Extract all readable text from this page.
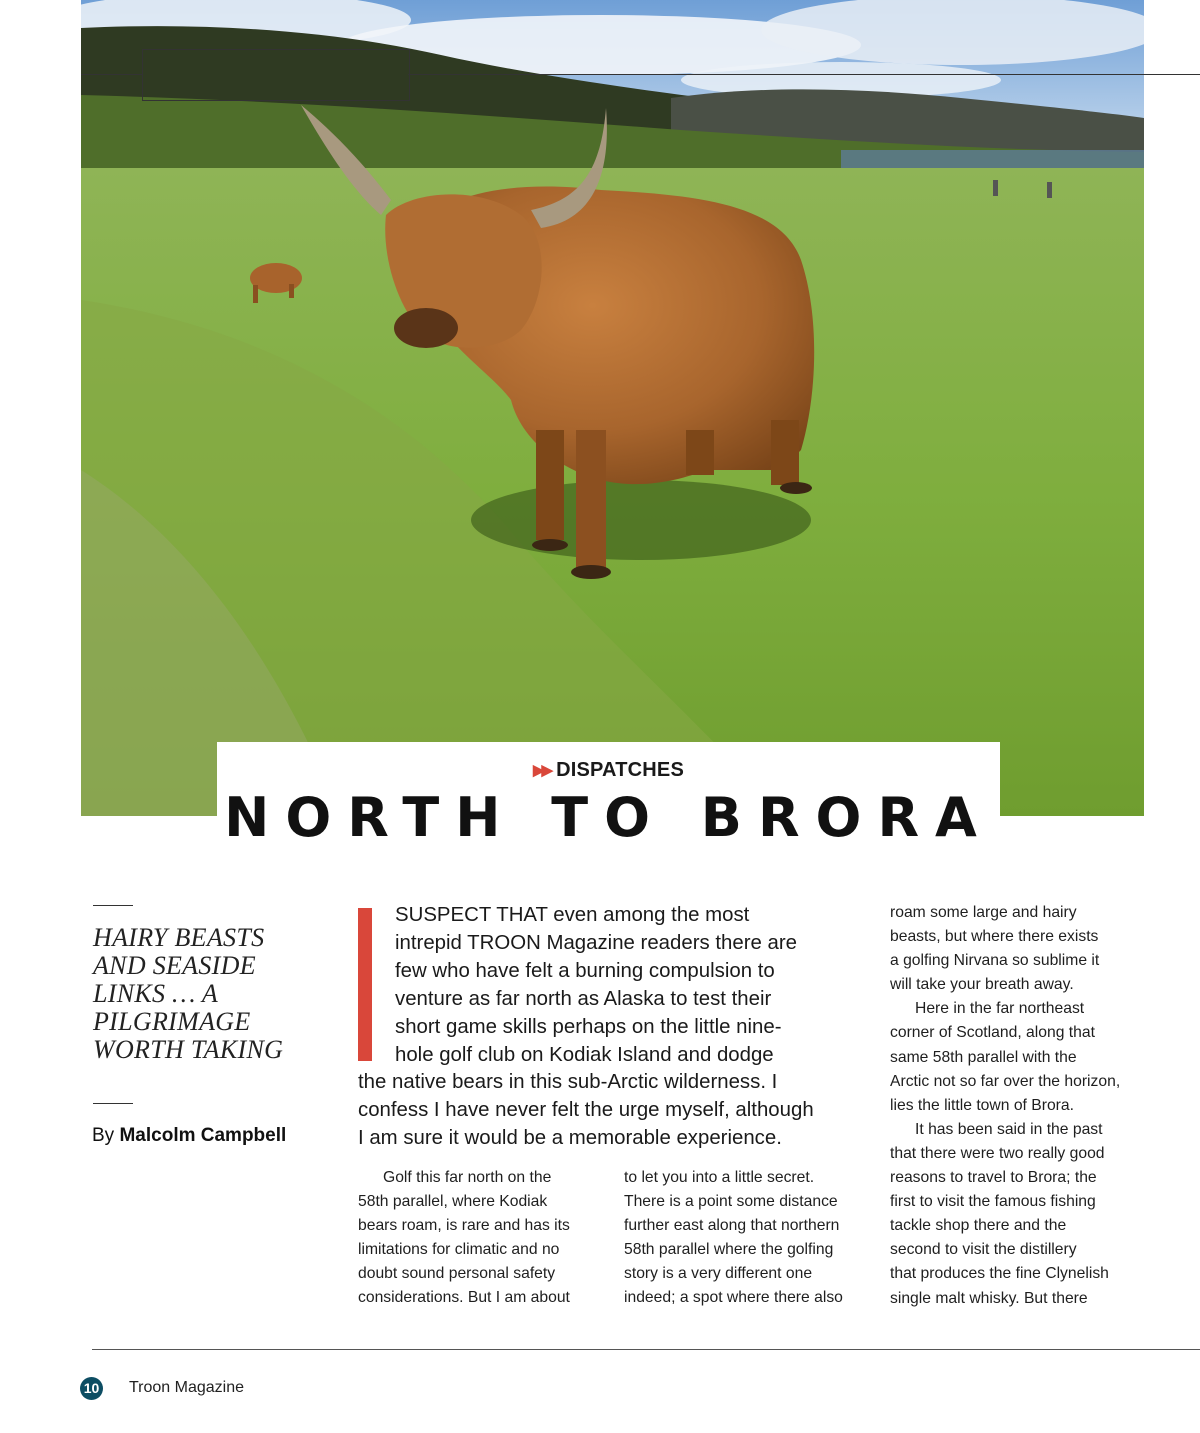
▶▶ DISPATCHES
NORTH TO BRORA
HAIRY BEASTS AND SEASIDE LINKS … A PILGRIMAGE WORTH TAKING
By Malcolm Campbell
SUSPECT THAT even among the most
intrepid TROON Magazine readers there are
few who have felt a burning compulsion to
venture as far north as Alaska to test their
short game skills perhaps on the little nine-
hole golf club on Kodiak Island and dodge
the native bears in this sub-Arctic wilderness. I
confess I have never felt the urge myself, although
I am sure it would be a memorable experience.
Golf this far north on the
58th parallel, where Kodiak
bears roam, is rare and has its
limitations for climatic and no
doubt sound personal safety
considerations. But I am about
to let you into a little secret.
There is a point some distance
further east along that northern
58th parallel where the golfing
story is a very different one
indeed; a spot where there also
roam some large and hairy
beasts, but where there exists
a golfing Nirvana so sublime it
will take your breath away.
Here in the far northeast
corner of Scotland, along that
same 58th parallel with the
Arctic not so far over the horizon,
lies the little town of Brora.
It has been said in the past
that there were two really good
reasons to travel to Brora; the
first to visit the famous fishing
tackle shop there and the
second to visit the distillery
that produces the fine Clynelish
single malt whisky. But there
10 Troon Magazine
